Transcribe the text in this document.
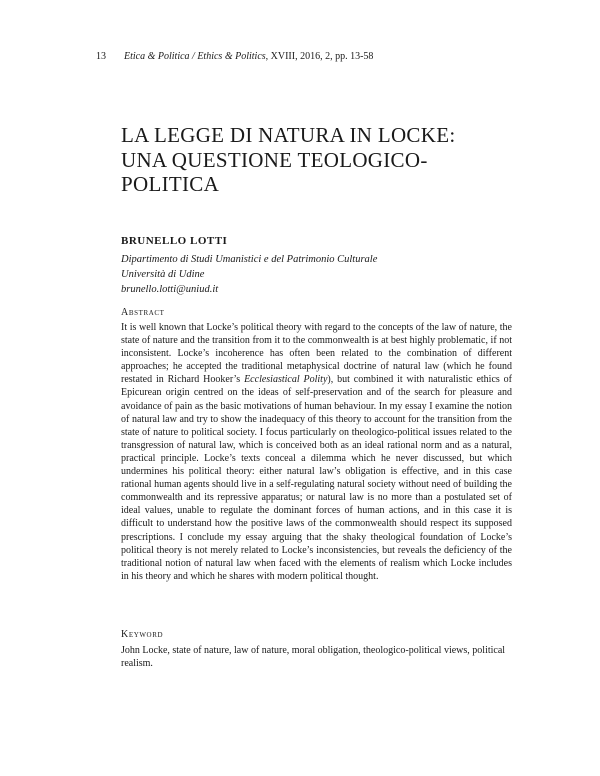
13 Etica & Politica / Ethics & Politics, XVIII, 2016, 2, pp. 13-58
LA LEGGE DI NATURA IN LOCKE:
UNA QUESTIONE TEOLOGICO-
POLITICA
BRUNELLO LOTTI
Dipartimento di Studi Umanistici e del Patrimonio Culturale
Università di Udine
brunello.lotti@uniud.it
Abstract
It is well known that Locke’s political theory with regard to the concepts of the law of nature, the state of nature and the transition from it to the commonwealth is at best highly problematic, if not inconsistent. Locke’s incoherence has often been related to the combination of different approaches; he accepted the traditional metaphysical doctrine of natural law (which he found restated in Richard Hooker’s Ecclesiastical Polity), but combined it with naturalistic ethics of Epicurean origin centred on the ideas of self-preservation and of the search for pleasure and avoidance of pain as the basic motivations of human behaviour. In my essay I examine the notion of natural law and try to show the inadequacy of this theory to account for the transition from the state of nature to political society. I focus particularly on theologico-political issues related to the transgression of natural law, which is conceived both as an ideal rational norm and as a natural, practical principle. Locke’s texts conceal a dilemma which he never discussed, but which undermines his political theory: either natural law’s obligation is effective, and in this case rational human agents should live in a self-regulating natural society without need of building the commonwealth and its repressive apparatus; or natural law is no more than a postulated set of ideal values, unable to regulate the dominant forces of human actions, and in this case it is difficult to understand how the positive laws of the commonwealth should respect its supposed prescriptions. I conclude my essay arguing that the shaky theological foundation of Locke’s political theory is not merely related to Locke’s inconsistencies, but reveals the deficiency of the traditional notion of natural law when faced with the elements of realism which Locke includes in his theory and which he shares with modern political thought.
Keyword
John Locke, state of nature, law of nature, moral obligation, theologico-political views, political realism.
